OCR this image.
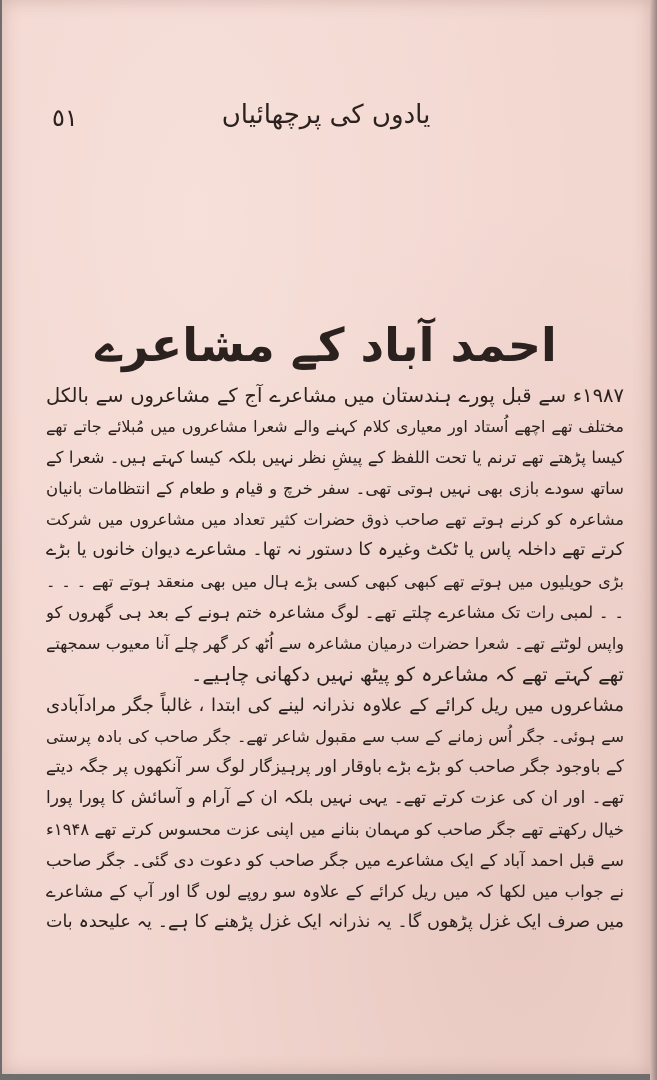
٥١	یادوں کی پرچھائیاں
احمد آباد کے مشاعرے
۱۹۸۷ء سے قبل پورے ہندستان میں مشاعرے آج کے مشاعروں سے بالکل
مختلف تھے اچھے اُستاد اور معیاری کلام کہنے والے شعرا مشاعروں میں مُبلائے جاتے تھے
کیسا پڑھتے تھے ترنم یا تحت اللفظ کے پیشِ نظر نہیں بلکہ کیسا کہتے ہیں۔ شعرا کے
ساتھ سودے بازی بھی نہیں ہوتی تھی۔ سفر خرچ و قیام و طعام کے انتظامات بانیان
مشاعرہ کو کرنے ہوتے تھے صاحب ذوق حضرات کثیر تعداد میں مشاعروں میں شرکت
کرتے تھے داخلہ پاس یا ٹکٹ وغیرہ کا دستور نہ تھا۔ مشاعرے دیوان خانوں یا بڑے
بڑی حویلیوں میں ہوتے تھے کبھی کبھی کسی بڑے ہال میں بھی منعقد ہوتے تھے ۔ ۔ ۔
۔ ۔ لمبی رات تک مشاعرے چلتے تھے۔ لوگ مشاعرہ ختم ہونے کے بعد ہی گھروں کو
واپس لوٹتے تھے۔ شعرا حضرات درمیان مشاعرہ سے اُٹھ کر گھر چلے آنا معیوب سمجھتے
تھے کہتے تھے کہ مشاعرہ کو پیٹھ نہیں دکھانی چاہیے۔
مشاعروں میں ریل کرائے کے علاوہ نذرانہ لینے کی ابتدا ، غالباً جگر مرادآبادی
سے ہوئی۔ جگر اُس زمانے کے سب سے مقبول شاعر تھے۔ جگر صاحب کی بادہ پرستی
کے باوجود جگر صاحب کو بڑے بڑے باوقار اور پرہیزگار لوگ سر آنکھوں پر جگہ دیتے
تھے۔ اور ان کی عزت کرتے تھے۔ یہی نہیں بلکہ ان کے آرام و آسائش کا پورا پورا
خیال رکھتے تھے جگر صاحب کو مہمان بنانے میں اپنی عزت محسوس کرتے تھے ۱۹۴۸ء
سے قبل احمد آباد کے ایک مشاعرے میں جگر صاحب کو دعوت دی گئی۔ جگر صاحب
نے جواب میں لکھا کہ میں ریل کرائے کے علاوہ سو روپے لوں گا اور آپ کے مشاعرے
میں صرف ایک غزل پڑھوں گا۔ یہ نذرانہ ایک غزل پڑھنے کا ہے۔ یہ علیحدہ بات
